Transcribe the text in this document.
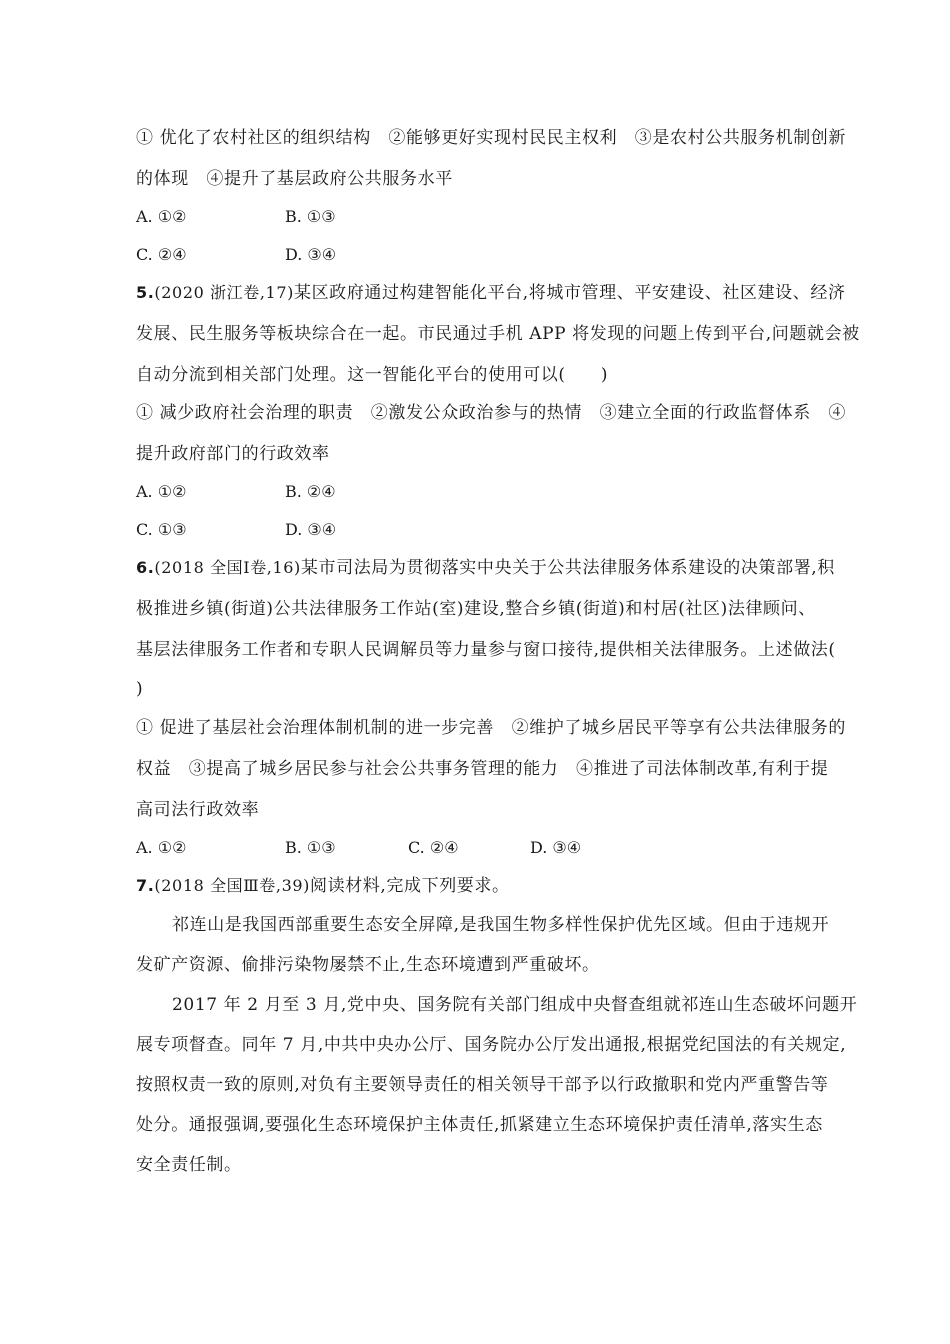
① 优化了农村社区的组织结构　②能够更好实现村民民主权利　③是农村公共服务机制创新
的体现　④提升了基层政府公共服务水平
A. ①②	B. ①③
C. ②④	D. ③④
5.(2020 浙江卷,17)某区政府通过构建智能化平台,将城市管理、平安建设、社区建设、经济
发展、民生服务等板块综合在一起。市民通过手机 APP 将发现的问题上传到平台,问题就会被
自动分流到相关部门处理。这一智能化平台的使用可以(　　)
① 减少政府社会治理的职责　②激发公众政治参与的热情　③建立全面的行政监督体系　④
提升政府部门的行政效率
A. ①②	B. ②④
C. ①③	D. ③④
6.(2018 全国Ⅰ卷,16)某市司法局为贯彻落实中央关于公共法律服务体系建设的决策部署,积
极推进乡镇(街道)公共法律服务工作站(室)建设,整合乡镇(街道)和村居(社区)法律顾问、
基层法律服务工作者和专职人民调解员等力量参与窗口接待,提供相关法律服务。上述做法(
)
① 促进了基层社会治理体制机制的进一步完善　②维护了城乡居民平等享有公共法律服务的
权益　③提高了城乡居民参与社会公共事务管理的能力　④推进了司法体制改革,有利于提
高司法行政效率
A. ①②	B. ①③	C. ②④	D. ③④
7.(2018 全国Ⅲ卷,39)阅读材料,完成下列要求。
祁连山是我国西部重要生态安全屏障,是我国生物多样性保护优先区域。但由于违规开
发矿产资源、偷排污染物屡禁不止,生态环境遭到严重破坏。
2017 年 2 月至 3 月,党中央、国务院有关部门组成中央督查组就祁连山生态破坏问题开
展专项督查。同年 7 月,中共中央办公厅、国务院办公厅发出通报,根据党纪国法的有关规定,
按照权责一致的原则,对负有主要领导责任的相关领导干部予以行政撤职和党内严重警告等
处分。通报强调,要强化生态环境保护主体责任,抓紧建立生态环境保护责任清单,落实生态
安全责任制。
